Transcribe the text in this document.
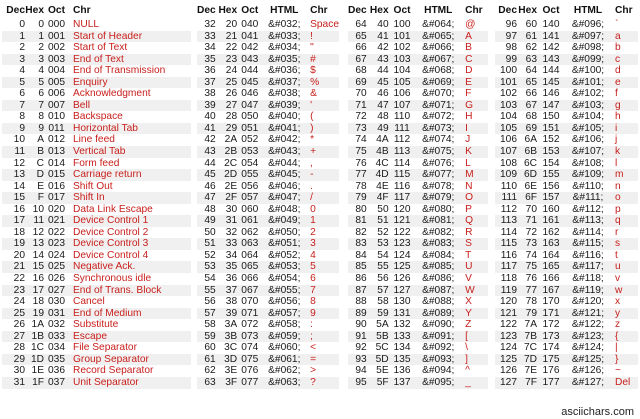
Dec	Hex	Oct	Chr
0	0	000	NULL
1	1	001	Start of Header
2	2	002	Start of Text
3	3	003	End of Text
4	4	004	End of Transmission
5	5	005	Enquiry
6	6	006	Acknowledgment
7	7	007	Bell
8	8	010	Backspace
9	9	011	Horizontal Tab
10	A	012	Line feed
11	B	013	Vertical Tab
12	C	014	Form feed
13	D	015	Carriage return
14	E	016	Shift Out
15	F	017	Shift In
16	10	020	Data Link Escape
17	11	021	Device Control 1
18	12	022	Device Control 2
19	13	023	Device Control 3
20	14	024	Device Control 4
21	15	025	Negative Ack.
22	16	026	Synchronous idle
23	17	027	End of Trans. Block
24	18	030	Cancel
25	19	031	End of Medium
26	1A	032	Substitute
27	1B	033	Escape
28	1C	034	File Separator
29	1D	035	Group Separator
30	1E	036	Record Separator
31	1F	037	Unit Separator
Dec	Hex	Oct	HTML	Chr
32	20	040	&#032;	Space
33	21	041	&#033;	!
34	22	042	&#034;	"
35	23	043	&#035;	#
36	24	044	&#036;	$
37	25	045	&#037;	%
38	26	046	&#038;	&
39	27	047	&#039;	'
40	28	050	&#040;	(
41	29	051	&#041;	)
42	2A	052	&#042;	*
43	2B	053	&#043;	+
44	2C	054	&#044;	,
45	2D	055	&#045;	-
46	2E	056	&#046;	.
47	2F	057	&#047;	/
48	30	060	&#048;	0
49	31	061	&#049;	1
50	32	062	&#050;	2
51	33	063	&#051;	3
52	34	064	&#052;	4
53	35	065	&#053;	5
54	36	066	&#054;	6
55	37	067	&#055;	7
56	38	070	&#056;	8
57	39	071	&#057;	9
58	3A	072	&#058;	:
59	3B	073	&#059;	;
60	3C	074	&#060;	<
61	3D	075	&#061;	=
62	3E	076	&#062;	>
63	3F	077	&#063;	?
Dec	Hex	Oct	HTML	Chr
64	40	100	&#064;	@
65	41	101	&#065;	A
66	42	102	&#066;	B
67	43	103	&#067;	C
68	44	104	&#068;	D
69	45	105	&#069;	E
70	46	106	&#070;	F
71	47	107	&#071;	G
72	48	110	&#072;	H
73	49	111	&#073;	I
74	4A	112	&#074;	J
75	4B	113	&#075;	K
76	4C	114	&#076;	L
77	4D	115	&#077;	M
78	4E	116	&#078;	N
79	4F	117	&#079;	O
80	50	120	&#080;	P
81	51	121	&#081;	Q
82	52	122	&#082;	R
83	53	123	&#083;	S
84	54	124	&#084;	T
85	55	125	&#085;	U
86	56	126	&#086;	V
87	57	127	&#087;	W
88	58	130	&#088;	X
89	59	131	&#089;	Y
90	5A	132	&#090;	Z
91	5B	133	&#091;	[
92	5C	134	&#092;	\
93	5D	135	&#093;	]
94	5E	136	&#094;	^
95	5F	137	&#095;	_
Dec	Hex	Oct	HTML	Chr
96	60	140	&#096;	`
97	61	141	&#097;	a
98	62	142	&#098;	b
99	63	143	&#099;	c
100	64	144	&#100;	d
101	65	145	&#101;	e
102	66	146	&#102;	f
103	67	147	&#103;	g
104	68	150	&#104;	h
105	69	151	&#105;	i
106	6A	152	&#106;	j
107	6B	153	&#107;	k
108	6C	154	&#108;	l
109	6D	155	&#109;	m
110	6E	156	&#110;	n
111	6F	157	&#111;	o
112	70	160	&#112;	p
113	71	161	&#113;	q
114	72	162	&#114;	r
115	73	163	&#115;	s
116	74	164	&#116;	t
117	75	165	&#117;	u
118	76	166	&#118;	v
119	77	167	&#119;	w
120	78	170	&#120;	x
121	79	171	&#121;	y
122	7A	172	&#122;	z
123	7B	173	&#123;	{
124	7C	174	&#124;	|
125	7D	175	&#125;	}
126	7E	176	&#126;	~
127	7F	177	&#127;	Del
asciichars.com
